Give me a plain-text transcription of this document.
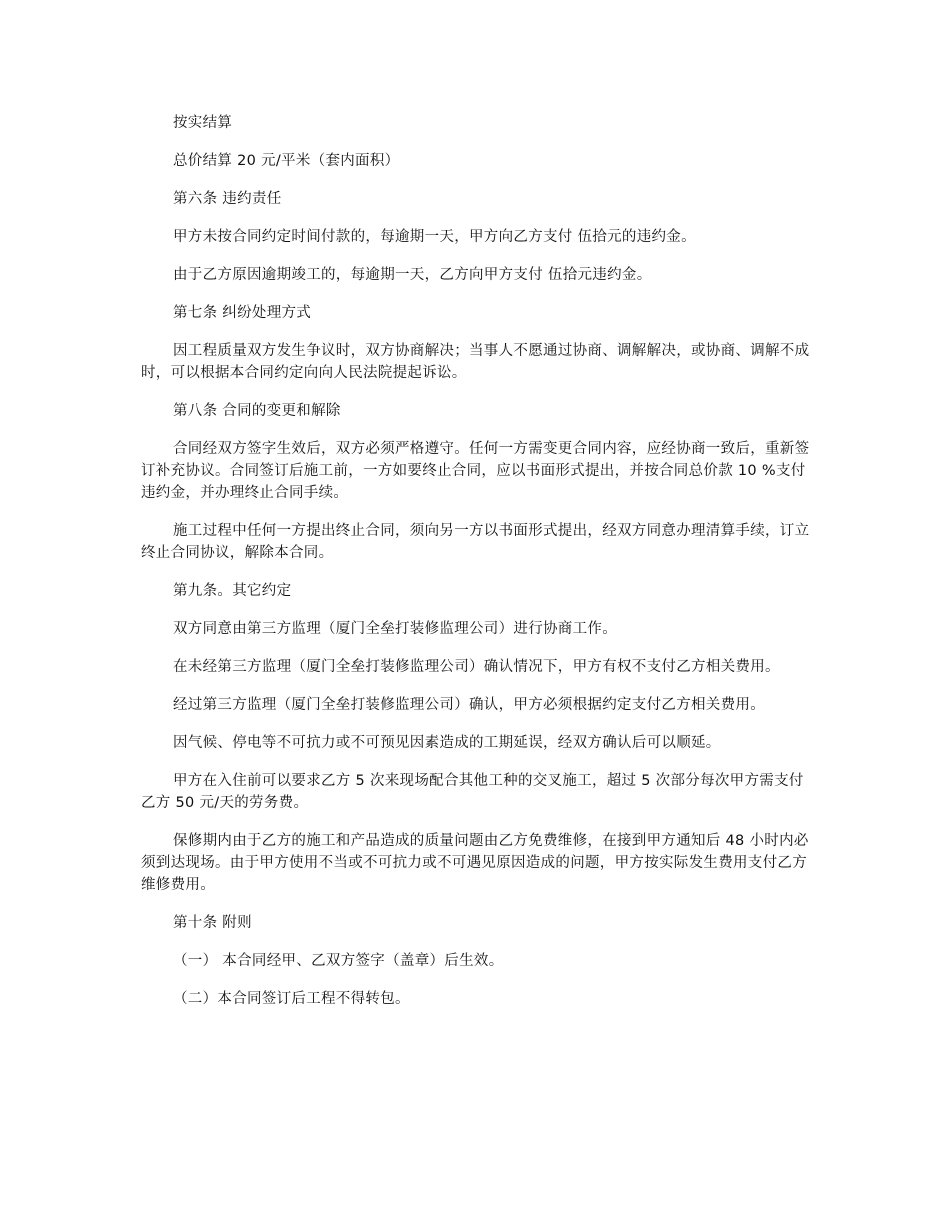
按实结算

总价结算 20 元/平米（套内面积）

第六条 违约责任

甲方未按合同约定时间付款的，每逾期一天，甲方向乙方支付 伍拾元的违约金。

由于乙方原因逾期竣工的，每逾期一天，乙方向甲方支付 伍拾元违约金。

第七条 纠纷处理方式

因工程质量双方发生争议时，双方协商解决；当事人不愿通过协商、调解解决，或协商、调解不成时，可以根据本合同约定向向人民法院提起诉讼。

第八条 合同的变更和解除

合同经双方签字生效后，双方必须严格遵守。任何一方需变更合同内容，应经协商一致后，重新签订补充协议。合同签订后施工前，一方如要终止合同，应以书面形式提出，并按合同总价款 10 %支付违约金，并办理终止合同手续。

施工过程中任何一方提出终止合同，须向另一方以书面形式提出，经双方同意办理清算手续，订立终止合同协议，解除本合同。

第九条。其它约定

双方同意由第三方监理（厦门全垒打装修监理公司）进行协商工作。

在未经第三方监理（厦门全垒打装修监理公司）确认情况下，甲方有权不支付乙方相关费用。

经过第三方监理（厦门全垒打装修监理公司）确认，甲方必须根据约定支付乙方相关费用。

因气候、停电等不可抗力或不可预见因素造成的工期延误，经双方确认后可以顺延。

甲方在入住前可以要求乙方 5 次来现场配合其他工种的交叉施工，超过 5 次部分每次甲方需支付乙方 50 元/天的劳务费。

保修期内由于乙方的施工和产品造成的质量问题由乙方免费维修，在接到甲方通知后 48 小时内必须到达现场。由于甲方使用不当或不可抗力或不可遇见原因造成的问题，甲方按实际发生费用支付乙方维修费用。

第十条 附则

（一） 本合同经甲、乙双方签字（盖章）后生效。

（二）本合同签订后工程不得转包。
